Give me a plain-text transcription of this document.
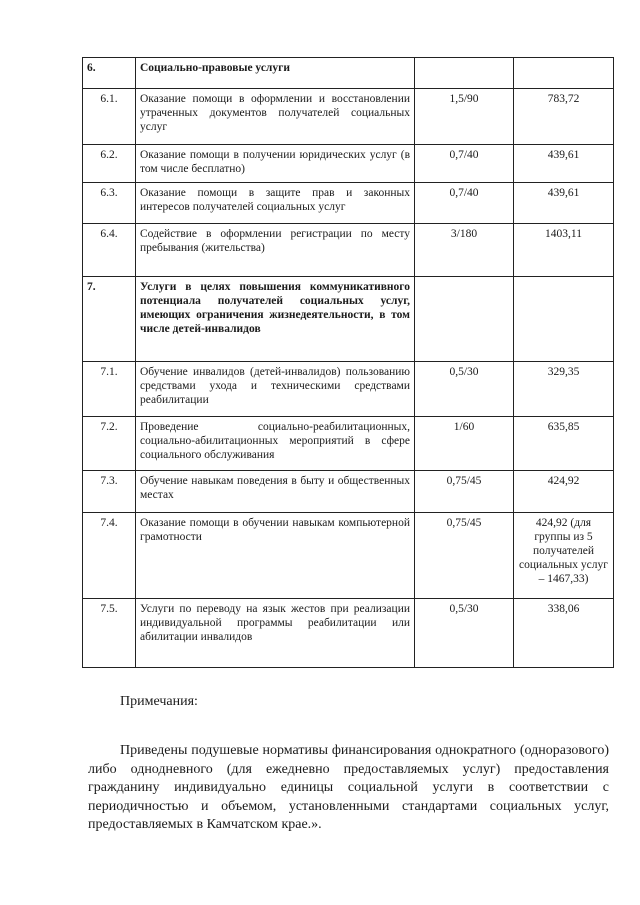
6.	Социально-правовые услуги		
6.1.	Оказание помощи в оформлении и восстановлении утраченных документов получателей социальных услуг	1,5/90	783,72
6.2.	Оказание помощи в получении юридических услуг (в том числе бесплатно)	0,7/40	439,61
6.3.	Оказание помощи в защите прав и законных интересов получателей социальных услуг	0,7/40	439,61
6.4.	Содействие в оформлении регистрации по месту пребывания (жительства)	3/180	1403,11
7.	Услуги в целях повышения коммуникативного потенциала получателей социальных услуг, имеющих ограничения жизнедеятельности, в том числе детей-инвалидов		
7.1.	Обучение инвалидов (детей-инвалидов) пользованию средствами ухода и техническими средствами реабилитации	0,5/30	329,35
7.2.	Проведение социально-реабилитационных, социально-абилитационных мероприятий в сфере социального обслуживания	1/60	635,85
7.3.	Обучение навыкам поведения в быту и общественных местах	0,75/45	424,92
7.4.	Оказание помощи в обучении навыкам компьютерной грамотности	0,75/45	424,92 (для группы из 5 получателей социальных услуг – 1467,33)
7.5.	Услуги по переводу на язык жестов при реализации индивидуальной программы реабилитации или абилитации инвалидов	0,5/30	338,06
Примечания:
Приведены подушевые нормативы финансирования однократного (одноразового) либо однодневного (для ежедневно предоставляемых услуг) предоставления гражданину индивидуально единицы социальной услуги в соответствии с периодичностью и объемом, установленными стандартами социальных услуг, предоставляемых в Камчатском крае.».
